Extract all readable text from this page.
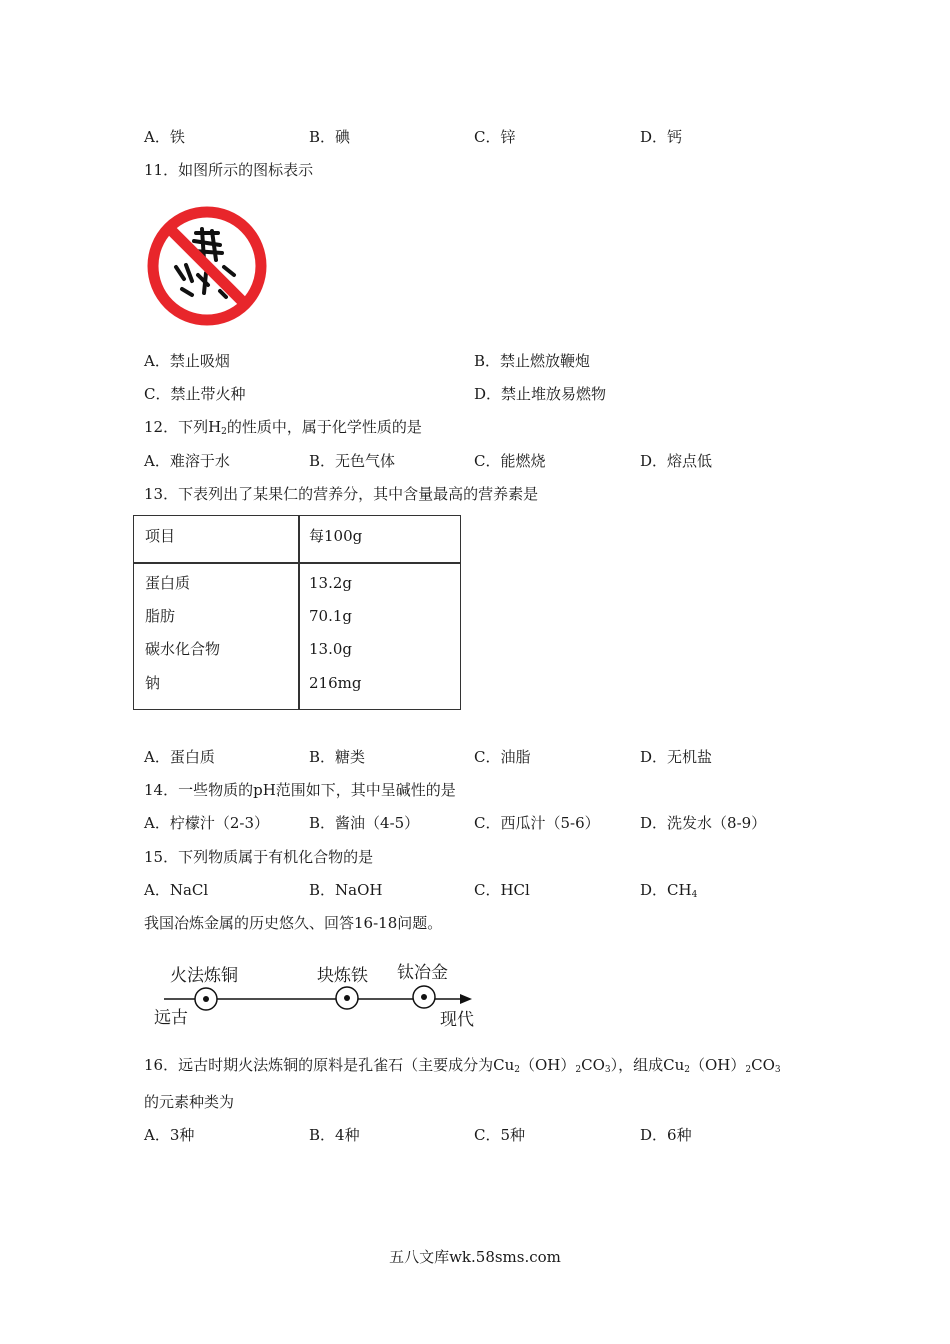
A．铁	B．碘	C．锌	D．钙
11．如图所示的图标表示
A．禁止吸烟	B．禁止燃放鞭炮
C．禁止带火种	D．禁止堆放易燃物
12．下列$H_2$的性质中，属于化学性质的是
A．难溶于水	B．无色气体	C．能燃烧	D．熔点低
13．下表列出了某果仁的营养分，其中含量最高的营养素是
项目	每100g
蛋白质	13.2g
脂肪	70.1g
碳水化合物	13.0g
钠	216mg
A．蛋白质	B．糖类	C．油脂	D．无机盐
14．一些物质的pH范围如下，其中呈碱性的是
A．柠檬汁（2-3）	B．酱油（4-5）	C．西瓜汁（5-6）	D．洗发水（8-9）
15．下列物质属于有机化合物的是
A．NaCl	B．NaOH	C．HCl	D．$CH_4$
我国冶炼金属的历史悠久、回答16-18问题。
火法炼铜	块炼铁 钛冶金
远古	现代
16．远古时期火法炼铜的原料是孔雀石（主要成分为$Cu_2(OH)_2CO_3$），组成$Cu_2(OH)_2CO_3$
的元素种类为
A．3种	B．4种	C．5种	D．6种
五八文库wk.58sms.com
